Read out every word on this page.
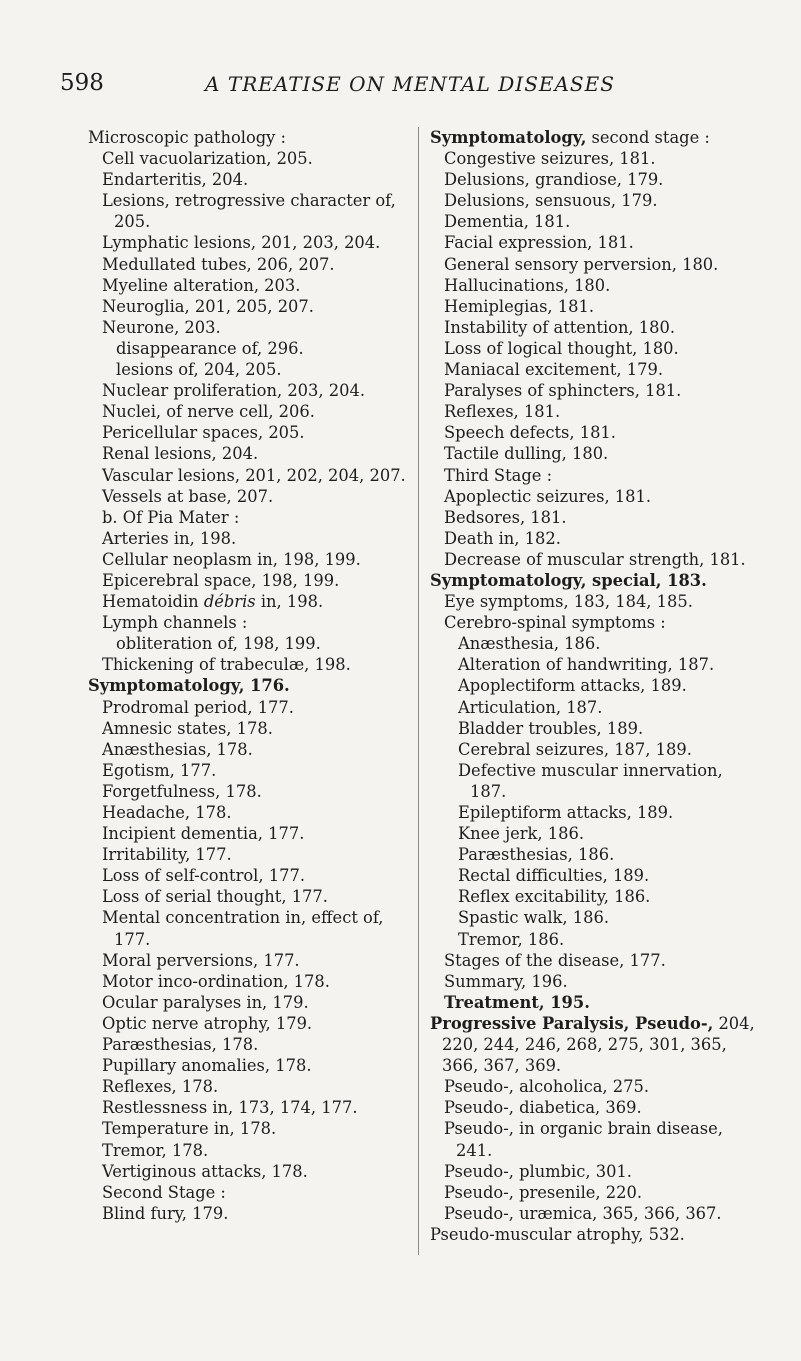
598	A TREATISE ON MENTAL DISEASES
Microscopic pathology :
Cell vacuolarization, 205.
Endarteritis, 204.
Lesions, retrogressive character of, 205.
Lymphatic lesions, 201, 203, 204.
Medullated tubes, 206, 207.
Myeline alteration, 203.
Neuroglia, 201, 205, 207.
Neurone, 203.
disappearance of, 296.
lesions of, 204, 205.
Nuclear proliferation, 203, 204.
Nuclei, of nerve cell, 206.
Pericellular spaces, 205.
Renal lesions, 204.
Vascular lesions, 201, 202, 204, 207.
Vessels at base, 207.
b. Of Pia Mater :
Arteries in, 198.
Cellular neoplasm in, 198, 199.
Epicerebral space, 198, 199.
Hematoidin débris in, 198.
Lymph channels :
obliteration of, 198, 199.
Thickening of trabeculæ, 198.
Symptomatology, 176.
Prodromal period, 177.
Amnesic states, 178.
Anæsthesias, 178.
Egotism, 177.
Forgetfulness, 178.
Headache, 178.
Incipient dementia, 177.
Irritability, 177.
Loss of self-control, 177.
Loss of serial thought, 177.
Mental concentration in, effect of, 177.
Moral perversions, 177.
Motor inco-ordination, 178.
Ocular paralyses in, 179.
Optic nerve atrophy, 179.
Paræsthesias, 178.
Pupillary anomalies, 178.
Reflexes, 178.
Restlessness in, 173, 174, 177.
Temperature in, 178.
Tremor, 178.
Vertiginous attacks, 178.
Second Stage :
Blind fury, 179.
Symptomatology, second stage :
Congestive seizures, 181.
Delusions, grandiose, 179.
Delusions, sensuous, 179.
Dementia, 181.
Facial expression, 181.
General sensory perversion, 180.
Hallucinations, 180.
Hemiplegias, 181.
Instability of attention, 180.
Loss of logical thought, 180.
Maniacal excitement, 179.
Paralyses of sphincters, 181.
Reflexes, 181.
Speech defects, 181.
Tactile dulling, 180.
Third Stage :
Apoplectic seizures, 181.
Bedsores, 181.
Death in, 182.
Decrease of muscular strength, 181.
Symptomatology, special, 183.
Eye symptoms, 183, 184, 185.
Cerebro-spinal symptoms :
Anæsthesia, 186.
Alteration of handwriting, 187.
Apoplectiform attacks, 189.
Articulation, 187.
Bladder troubles, 189.
Cerebral seizures, 187, 189.
Defective muscular innervation, 187.
Epileptiform attacks, 189.
Knee jerk, 186.
Paræsthesias, 186.
Rectal difficulties, 189.
Reflex excitability, 186.
Spastic walk, 186.
Tremor, 186.
Stages of the disease, 177.
Summary, 196.
Treatment, 195.
Progressive Paralysis, Pseudo-, 204, 220, 244, 246, 268, 275, 301, 365, 366, 367, 369.
Pseudo-, alcoholica, 275.
Pseudo-, diabetica, 369.
Pseudo-, in organic brain disease, 241.
Pseudo-, plumbic, 301.
Pseudo-, presenile, 220.
Pseudo-, uræmica, 365, 366, 367.
Pseudo-muscular atrophy, 532.
